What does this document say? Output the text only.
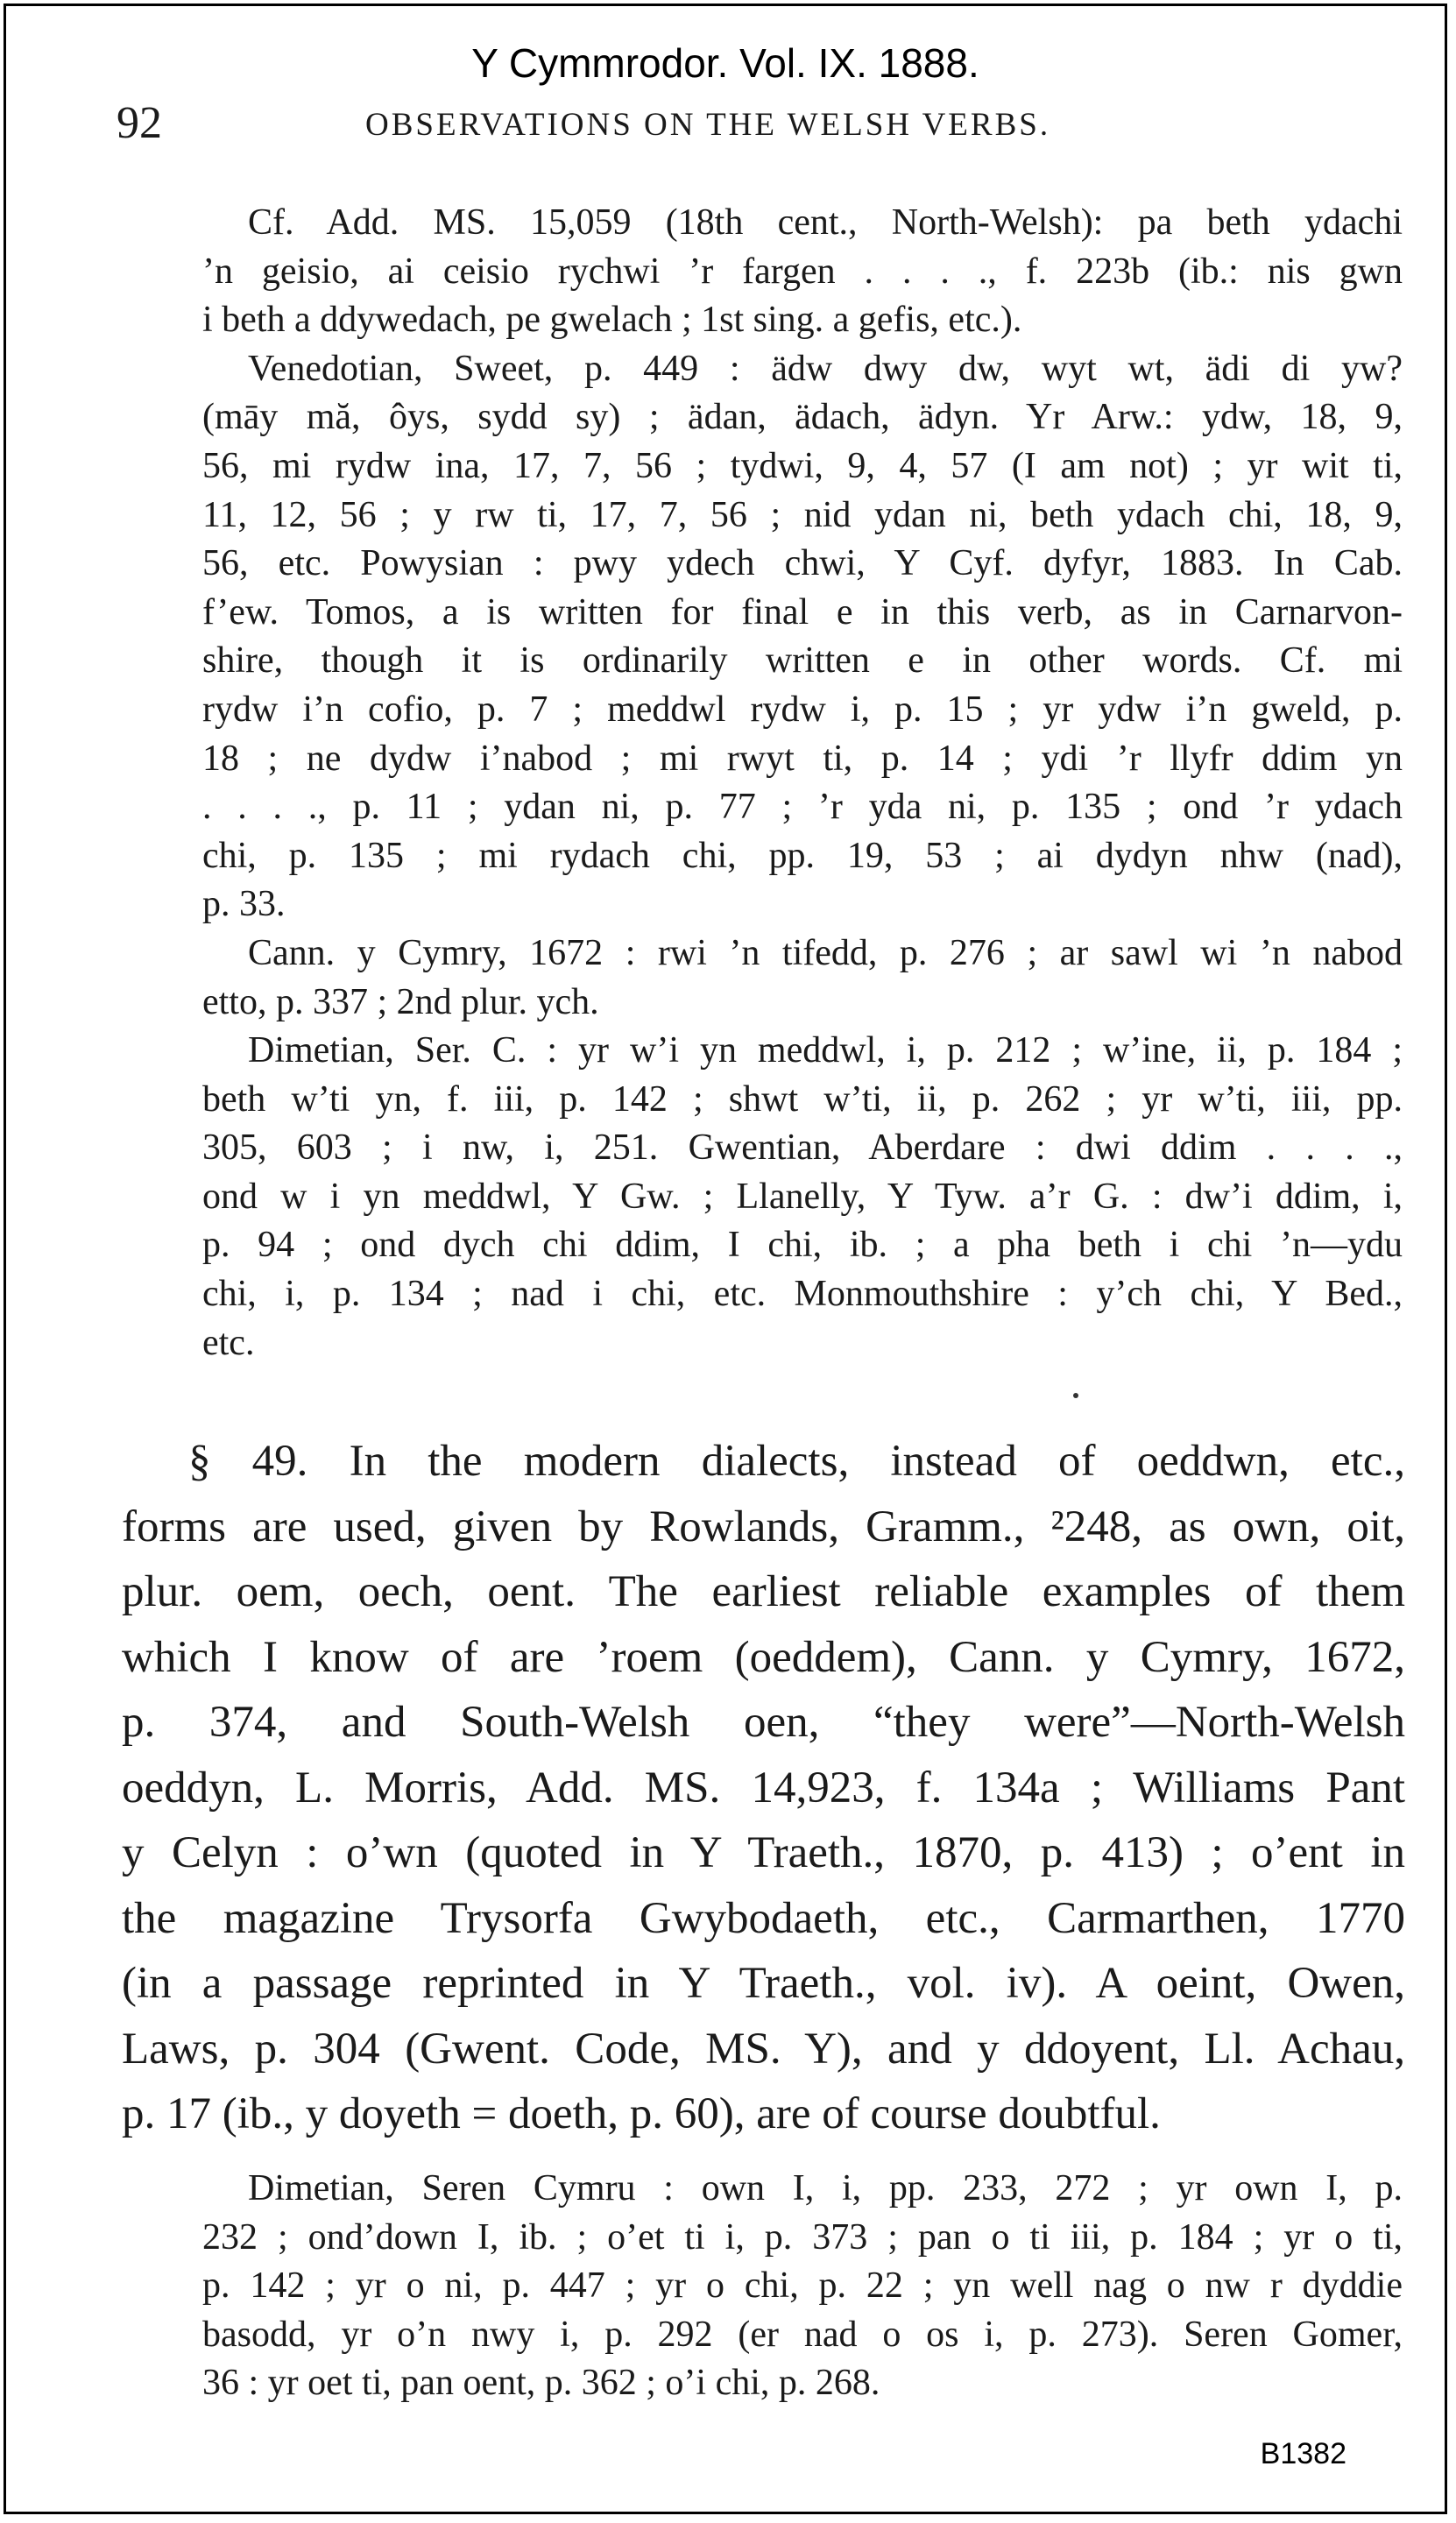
Y Cymmrodor. Vol. IX. 1888.
92	OBSERVATIONS ON THE WELSH VERBS.
Cf. Add. MS. 15,059 (18th cent., North-Welsh): pa beth ydachi
’n geisio, ai ceisio rychwi ’r fargen . . . ., f. 223b (ib.: nis gwn
i beth a ddywedach, pe gwelach ; 1st sing. a gefis, etc.).
Venedotian, Sweet, p. 449 : ädw dwy dw, wyt wt, ädi di yw?
(māy mă, ôys, sydd sy) ; ädan, ädach, ädyn. Yr Arw.: ydw, 18, 9,
56, mi rydw ina, 17, 7, 56 ; tydwi, 9, 4, 57 (I am not) ; yr wit ti,
11, 12, 56 ; y rw ti, 17, 7, 56 ; nid ydan ni, beth ydach chi, 18, 9,
56, etc. Powysian : pwy ydech chwi, Y Cyf. dyfyr, 1883. In Cab.
f’ew. Tomos, a is written for final e in this verb, as in Carnarvon-
shire, though it is ordinarily written e in other words. Cf. mi
rydw i’n cofio, p. 7 ; meddwl rydw i, p. 15 ; yr ydw i’n gweld, p.
18 ; ne dydw i’nabod ; mi rwyt ti, p. 14 ; ydi ’r llyfr ddim yn
. . . ., p. 11 ; ydan ni, p. 77 ; ’r yda ni, p. 135 ; ond ’r ydach
chi, p. 135 ; mi rydach chi, pp. 19, 53 ; ai dydyn nhw (nad),
p. 33.
Cann. y Cymry, 1672 : rwi ’n tifedd, p. 276 ; ar sawl wi ’n nabod
etto, p. 337 ; 2nd plur. ych.
Dimetian, Ser. C. : yr w’i yn meddwl, i, p. 212 ; w’ine, ii, p. 184 ;
beth w’ti yn, f. iii, p. 142 ; shwt w’ti, ii, p. 262 ; yr w’ti, iii, pp.
305, 603 ; i nw, i, 251. Gwentian, Aberdare : dwi ddim . . . .,
ond w i yn meddwl, Y Gw. ; Llanelly, Y Tyw. a’r G. : dw’i ddim, i,
p. 94 ; ond dych chi ddim, I chi, ib. ; a pha beth i chi ’n—ydu
chi, i, p. 134 ; nad i chi, etc. Monmouthshire : y’ch chi, Y Bed.,
etc.
§ 49. In the modern dialects, instead of oeddwn, etc.,
forms are used, given by Rowlands, Gramm., ²248, as own, oit,
plur. oem, oech, oent. The earliest reliable examples of them
which I know of are ’roem (oeddem), Cann. y Cymry, 1672,
p. 374, and South-Welsh oen, “they were”—North-Welsh
oeddyn, L. Morris, Add. MS. 14,923, f. 134a ; Williams Pant
y Celyn : o’wn (quoted in Y Traeth., 1870, p. 413) ; o’ent in
the magazine Trysorfa Gwybodaeth, etc., Carmarthen, 1770
(in a passage reprinted in Y Traeth., vol. iv). A oeint, Owen,
Laws, p. 304 (Gwent. Code, MS. Y), and y ddoyent, Ll. Achau,
p. 17 (ib., y doyeth = doeth, p. 60), are of course doubtful.
Dimetian, Seren Cymru : own I, i, pp. 233, 272 ; yr own I, p.
232 ; ond’down I, ib. ; o’et ti i, p. 373 ; pan o ti iii, p. 184 ; yr o ti,
p. 142 ; yr o ni, p. 447 ; yr o chi, p. 22 ; yn well nag o nw r dyddie
basodd, yr o’n nwy i, p. 292 (er nad o os i, p. 273). Seren Gomer,
36 : yr oet ti, pan oent, p. 362 ; o’i chi, p. 268.
B1382
